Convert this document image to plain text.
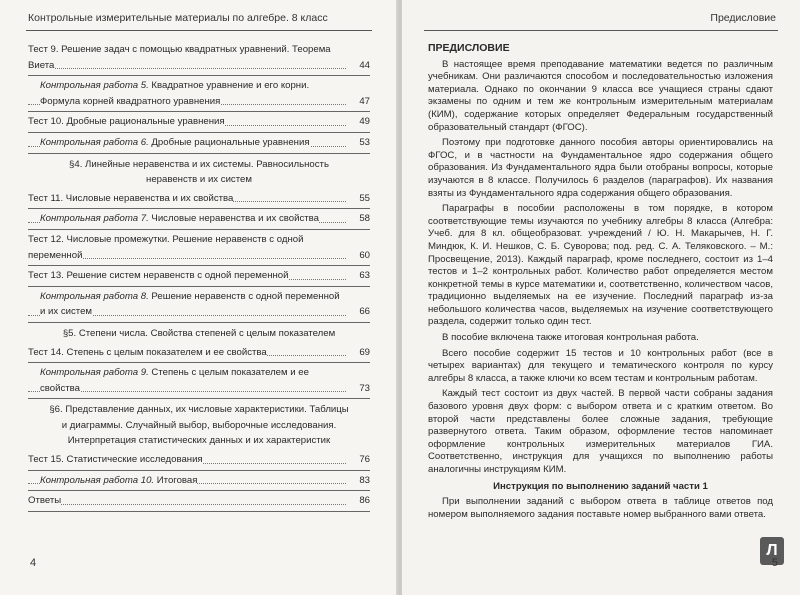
Контрольные измерительные материалы по алгебре. 8 класс
Тест 9. Решение задач с помощью квадратных уравнений. Теорема Виета	44
Контрольная работа 5. Квадратное уравнение и его корни. Формула корней квадратного уравнения	47
Тест 10. Дробные рациональные уравнения	49
Контрольная работа 6. Дробные рациональные уравнения	53
§4. Линейные неравенства и их системы. Равносильность неравенств и их систем
Тест 11. Числовые неравенства и их свойства	55
Контрольная работа 7. Числовые неравенства и их свойства	58
Тест 12. Числовые промежутки. Решение неравенств с одной переменной	60
Тест 13. Решение систем неравенств с одной переменной	63
Контрольная работа 8. Решение неравенств с одной переменной и их систем	66
§5. Степени числа. Свойства степеней с целым показателем
Тест 14. Степень с целым показателем и ее свойства	69
Контрольная работа 9. Степень с целым показателем и ее свойства	73
§6. Представление данных, их числовые характеристики. Таблицы и диаграммы. Случайный выбор, выборочные исследования. Интерпретация статистических данных и их характеристик
Тест 15. Статистические исследования	76
Контрольная работа 10. Итоговая	83
Ответы	86
4
Предисловие
ПРЕДИСЛОВИЕ

В настоящее время преподавание математики ведется по различным учебникам. Они различаются способом и последовательностью изложения материала. Однако по окончании 9 класса все учащиеся страны сдают экзамены по одним и тем же контрольным измерительным материалам (КИМ), содержание которых определяет Федеральным государственный образовательный стандарт (ФГОС).

Поэтому при подготовке данного пособия авторы ориентировались на ФГОС, и в частности на Фундаментальное ядро содержания общего образования. Из Фундаментального ядра были отобраны вопросы, которые изучаются в 8 классе. Получилось 6 разделов (параграфов). Их названия взяты из Фундаментального ядра содержания общего образования.

Параграфы в пособии расположены в том порядке, в котором соответствующие темы изучаются по учебнику алгебры 8 класса (Алгебра: Учеб. для 8 кл. общеобразоват. учреждений / Ю. Н. Макарычев, Н. Г. Миндюк, К. И. Нешков, С. Б. Суворова; под. ред. С. А. Теляковского. – М.: Просвещение, 2013). Каждый параграф, кроме последнего, состоит из 1–4 тестов и 1–2 контрольных работ. Количество работ определяется местом конкретной темы в курсе математики и, соответственно, количеством часов, традиционно выделяемых на ее изучение. Последний параграф из-за небольшого количества часов, выделяемых на изучение соответствующего раздела, содержит только один тест.

В пособие включена также итоговая контрольная работа.

Всего пособие содержит 15 тестов и 10 контрольных работ (все в четырех вариантах) для текущего и тематического контроля по курсу алгебры 8 класса, а также ключи ко всем тестам и контрольным работам.

Каждый тест состоит из двух частей. В первой части собраны задания базового уровня двух форм: с выбором ответа и с кратким ответом. Во второй части представлены более сложные задания, требующие развернутого ответа. Таким образом, оформление тестов напоминает оформление контрольных измерительных материалов ГИА. Соответственно, инструкция для учащихся по выполнению работы аналогичны инструкциям КИМ.

Инструкция по выполнению заданий части 1

При выполнении заданий с выбором ответа в таблице ответов под номером выполняемого задания поставьте номер выбранного вами ответа.

Л
5
